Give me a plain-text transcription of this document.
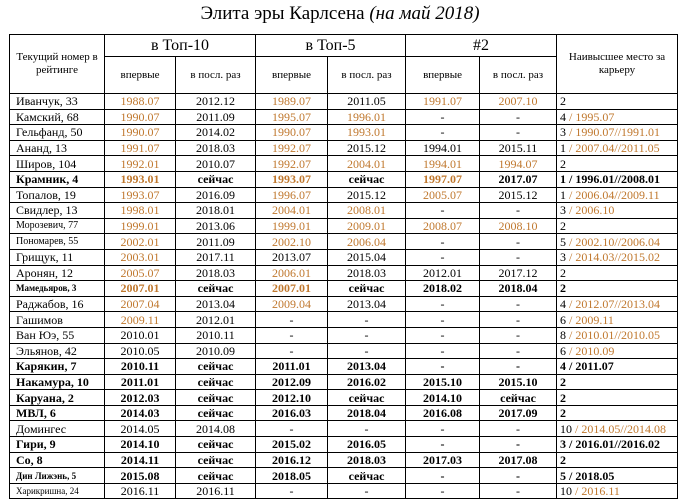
Элита эры Карлсена (на май 2018)
Текущий номер в рейтинге	в Топ-10		в Топ-5		#2		Наивысшее место за карьеру
	впервые	в посл. раз	впервые	в посл. раз	впервые	в посл. раз	
Иванчук, 33	1988.07	2012.12	1989.07	2011.05	1991.07	2007.10	2
Камский, 68	1990.07	2011.09	1995.07	1996.01	-	-	4 / 1995.07
Гельфанд, 50	1990.07	2014.02	1990.07	1993.01	-	-	3 / 1990.07//1991.01
Ананд, 13	1991.07	2018.03	1992.07	2015.12	1994.01	2015.11	1 / 2007.04//2011.05
Широв, 104	1992.01	2010.07	1992.07	2004.01	1994.01	1994.07	2
Крамник, 4	1993.01	сейчас	1993.07	сейчас	1997.07	2017.07	1 / 1996.01//2008.01
Топалов, 19	1993.07	2016.09	1996.07	2015.12	2005.07	2015.12	1 / 2006.04//2009.11
Свидлер, 13	1998.01	2018.01	2004.01	2008.01	-	-	3 / 2006.10
Морозевич, 77	1999.01	2013.06	1999.01	2009.01	2008.07	2008.10	2
Пономарев, 55	2002.01	2011.09	2002.10	2006.04	-	-	5 / 2002.10//2006.04
Грищук, 11	2003.01	2017.11	2013.07	2015.04	-	-	3 / 2014.03//2015.02
Аронян, 12	2005.07	2018.03	2006.01	2018.03	2012.01	2017.12	2
Мамедьяров, 3	2007.01	сейчас	2007.01	сейчас	2018.02	2018.04	2
Раджабов, 16	2007.04	2013.04	2009.04	2013.04	-	-	4 / 2012.07//2013.04
Гашимов	2009.11	2012.01	-	-	-	-	6 / 2009.11
Ван Юэ, 55	2010.01	2010.11	-	-	-	-	8 / 2010.01//2010.05
Эльянов, 42	2010.05	2010.09	-	-	-	-	6 / 2010.09
Карякин, 7	2010.11	сейчас	2011.01	2013.04	-	-	4 / 2011.07
Накамура, 10	2011.01	сейчас	2012.09	2016.02	2015.10	2015.10	2
Каруана, 2	2012.03	сейчас	2012.10	сейчас	2014.10	сейчас	2
МВЛ, 6	2014.03	сейчас	2016.03	2018.04	2016.08	2017.09	2
Домингес	2014.05	2014.08	-	-	-	-	10 / 2014.05//2014.08
Гири, 9	2014.10	сейчас	2015.02	2016.05	-	-	3 / 2016.01//2016.02
Со, 8	2014.11	сейчас	2016.12	2018.03	2017.03	2017.08	2
Дин Лижэнь, 5	2015.08	сейчас	2018.05	сейчас	-	-	5 / 2018.05
Харикришна, 24	2016.11	2016.11	-	-	-	-	10 / 2016.11
